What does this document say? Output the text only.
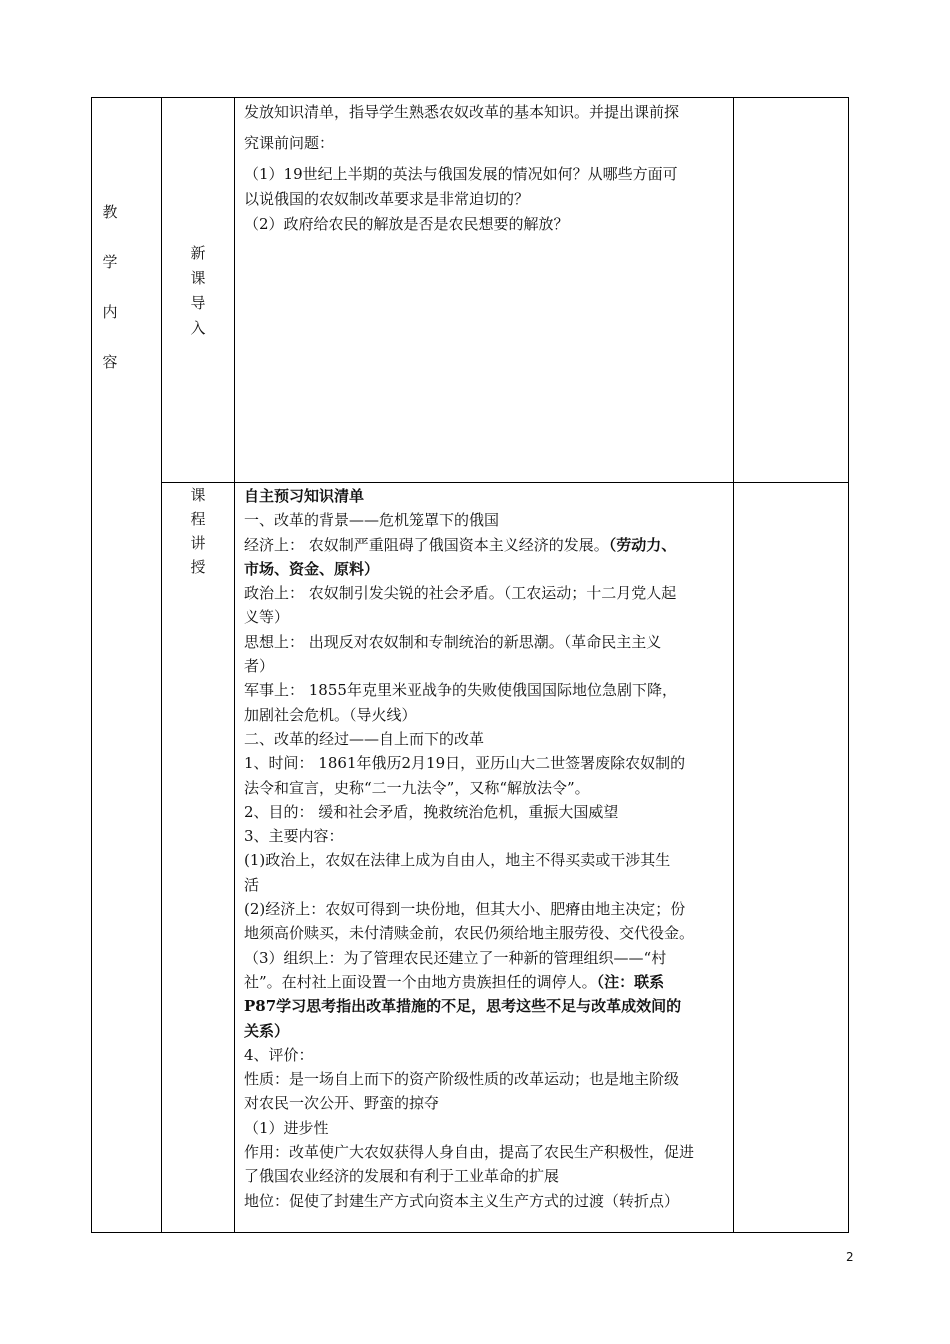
教
学
内
容
新
课
导
入
课
程
讲
授

发放知识清单，指导学生熟悉农奴改革的基本知识。并提出课前探

究课前问题：

（1）19世纪上半期的英法与俄国发展的情况如何？从哪些方面可

以说俄国的农奴制改革要求是非常迫切的？

（2）政府给农民的解放是否是农民想要的解放？

自主预习知识清单

一、改革的背景——危机笼罩下的俄国

经济上： 农奴制严重阻碍了俄国资本主义经济的发展。（劳动力、

市场、资金、原料）

政治上： 农奴制引发尖锐的社会矛盾。（工农运动；十二月党人起

义等）

思想上： 出现反对农奴制和专制统治的新思潮。（革命民主主义

者）

军事上： 1855年克里米亚战争的失败使俄国国际地位急剧下降，

加剧社会危机。（导火线）

二、改革的经过——自上而下的改革

1、时间： 1861年俄历2月19日，亚历山大二世签署废除农奴制的

法令和宣言，史称“二一九法令”，又称“解放法令”。

2、目的： 缓和社会矛盾，挽救统治危机，重振大国威望

3、主要内容：

(1)政治上，农奴在法律上成为自由人，地主不得买卖或干涉其生

活

(2)经济上：农奴可得到一块份地，但其大小、肥瘠由地主决定；份

地须高价赎买，未付清赎金前，农民仍须给地主服劳役、交代役金。

（3）组织上：为了管理农民还建立了一种新的管理组织——“村

社”。在村社上面设置一个由地方贵族担任的调停人。（注：联系

P87学习思考指出改革措施的不足，思考这些不足与改革成效间的

关系）

4、评价：

性质：是一场自上而下的资产阶级性质的改革运动；也是地主阶级

对农民一次公开、野蛮的掠夺

（1）进步性

作用：改革使广大农奴获得人身自由，提高了农民生产积极性，促进

了俄国农业经济的发展和有利于工业革命的扩展

地位：促使了封建生产方式向资本主义生产方式的过渡（转折点）

2
